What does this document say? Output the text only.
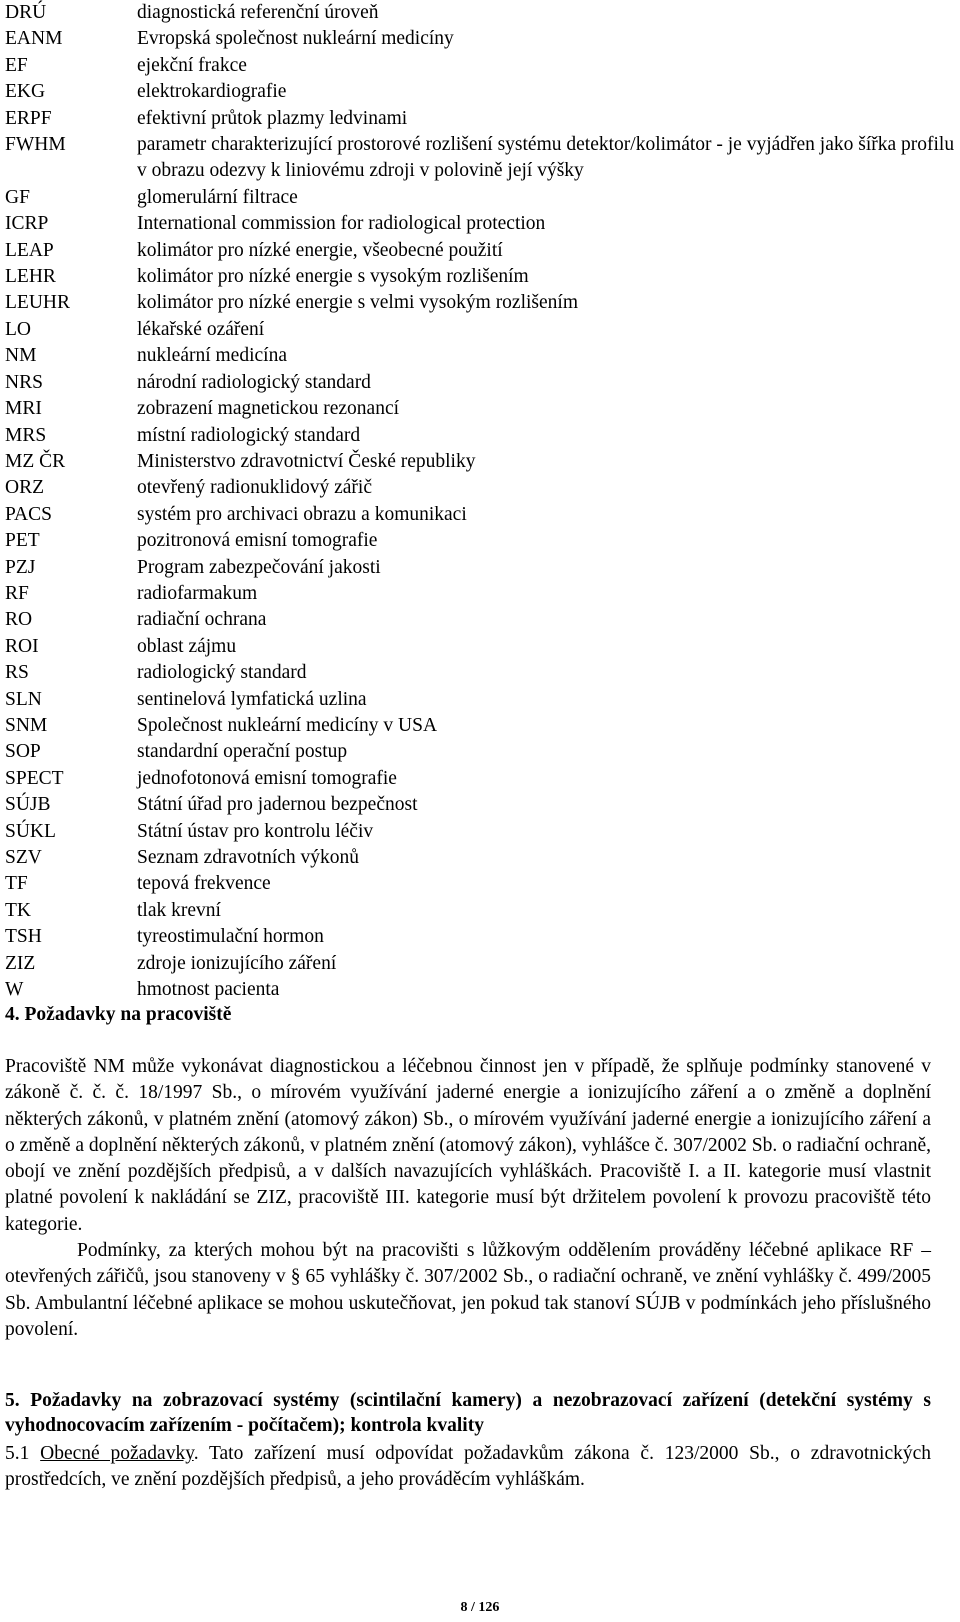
DRÚ	diagnostická referenční úroveň
EANM	Evropská společnost nukleární medicíny
EF	ejekční frakce
EKG	elektrokardiografie
ERPF	efektivní průtok plazmy ledvinami
FWHM	parametr charakterizující prostorové rozlišení systému detektor/kolimátor - je vyjádřen jako šířka profilu v obrazu odezvy k liniovému zdroji v polovině její výšky
GF	glomerulární filtrace
ICRP	International commission for radiological protection
LEAP	kolimátor pro nízké energie, všeobecné použití
LEHR	kolimátor pro nízké energie s vysokým rozlišením
LEUHR	kolimátor pro nízké energie s velmi vysokým rozlišením
LO	lékařské ozáření
NM	nukleární medicína
NRS	národní radiologický standard
MRI	zobrazení magnetickou rezonancí
MRS	místní radiologický standard
MZ ČR	Ministerstvo zdravotnictví České republiky
ORZ	otevřený radionuklidový zářič
PACS	systém pro archivaci obrazu a komunikaci
PET	pozitronová emisní tomografie
PZJ	Program zabezpečování jakosti
RF	radiofarmakum
RO	radiační ochrana
ROI	oblast zájmu
RS	radiologický standard
SLN	sentinelová lymfatická uzlina
SNM	Společnost nukleární medicíny v USA
SOP	standardní operační postup
SPECT	jednofotonová emisní tomografie
SÚJB	Státní úřad pro jadernou bezpečnost
SÚKL	Státní ústav pro kontrolu léčiv
SZV	Seznam zdravotních výkonů
TF	tepová frekvence
TK	tlak krevní
TSH	tyreostimulační hormon
ZIZ	zdroje ionizujícího záření
W	hmotnost pacienta
4. Požadavky na pracoviště
Pracoviště NM může vykonávat diagnostickou a léčebnou činnost jen v případě, že splňuje podmínky stanovené v zákoně č. č. č. 18/1997 Sb., o mírovém využívání jaderné energie a ionizujícího záření a o změně a doplnění některých zákonů, v platném znění (atomový zákon) Sb., o mírovém využívání jaderné energie a ionizujícího záření a o změně a doplnění některých zákonů, v platném znění (atomový zákon), vyhlášce č. 307/2002 Sb. o radiační ochraně, obojí ve znění pozdějších předpisů, a v dalších navazujících vyhláškách. Pracoviště I. a II. kategorie musí vlastnit platné povolení k nakládání se ZIZ, pracoviště III. kategorie musí být držitelem povolení k provozu pracoviště této kategorie.
Podmínky, za kterých mohou být na pracovišti s lůžkovým oddělením prováděny léčebné aplikace RF – otevřených zářičů, jsou stanoveny v § 65 vyhlášky č. 307/2002 Sb., o radiační ochraně, ve znění vyhlášky č. 499/2005 Sb. Ambulantní léčebné aplikace se mohou uskutečňovat, jen pokud tak stanoví SÚJB v podmínkách jeho příslušného povolení.
5. Požadavky na zobrazovací systémy (scintilační kamery) a nezobrazovací zařízení (detekční systémy s vyhodnocovacím zařízením - počítačem); kontrola kvality
5.1 Obecné požadavky. Tato zařízení musí odpovídat požadavkům zákona č. 123/2000 Sb., o zdravotnických prostředcích, ve znění pozdějších předpisů, a jeho prováděcím vyhláškám.
8 / 126
